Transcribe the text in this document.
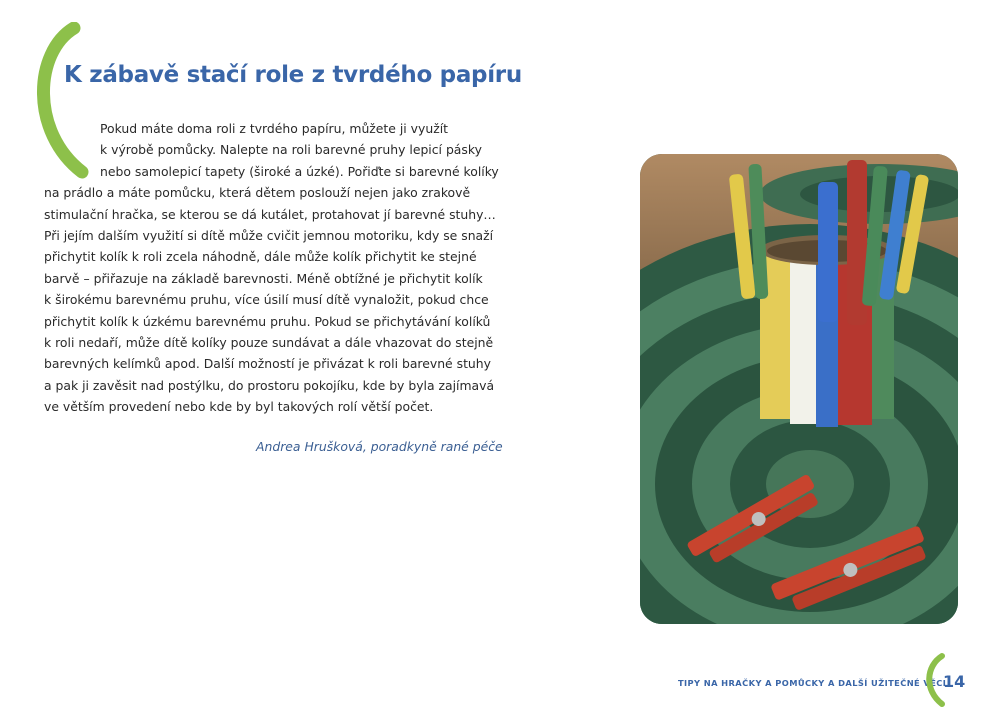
K zábavě stačí role z tvrdého papíru
Pokud máte doma roli z tvrdého papíru, můžete ji využít
k výrobě pomůcky. Nalepte na roli barevné pruhy lepicí pásky
nebo samolepicí tapety (široké a úzké). Pořiďte si barevné kolíky
na prádlo a máte pomůcku, která dětem poslouží nejen jako zrakově
stimulační hračka, se kterou se dá kutálet, protahovat jí barevné stuhy…
Při jejím dalším využití si dítě může cvičit jemnou motoriku, kdy se snaží
přichytit kolík k roli zcela náhodně, dále může kolík přichytit ke stejné
barvě – přiřazuje na základě barevnosti. Méně obtížné je přichytit kolík
k širokému barevnému pruhu, více úsilí musí dítě vynaložit, pokud chce
přichytit kolík k úzkému barevnému pruhu. Pokud se přichytávání kolíků
k roli nedaří, může dítě kolíky pouze sundávat a dále vhazovat do stejně
barevných kelímků apod. Další možností je přivázat k roli barevné stuhy
a pak ji zavěsit nad postýlku, do prostoru pokojíku, kde by byla zajímavá
ve větším provedení nebo kde by byl takových rolí větší počet.
Andrea Hrušková, poradkyně rané péče
TIPY NA HRAČKY A POMŮCKY A DALŠÍ UŽITEČNÉ VĚCI
14
